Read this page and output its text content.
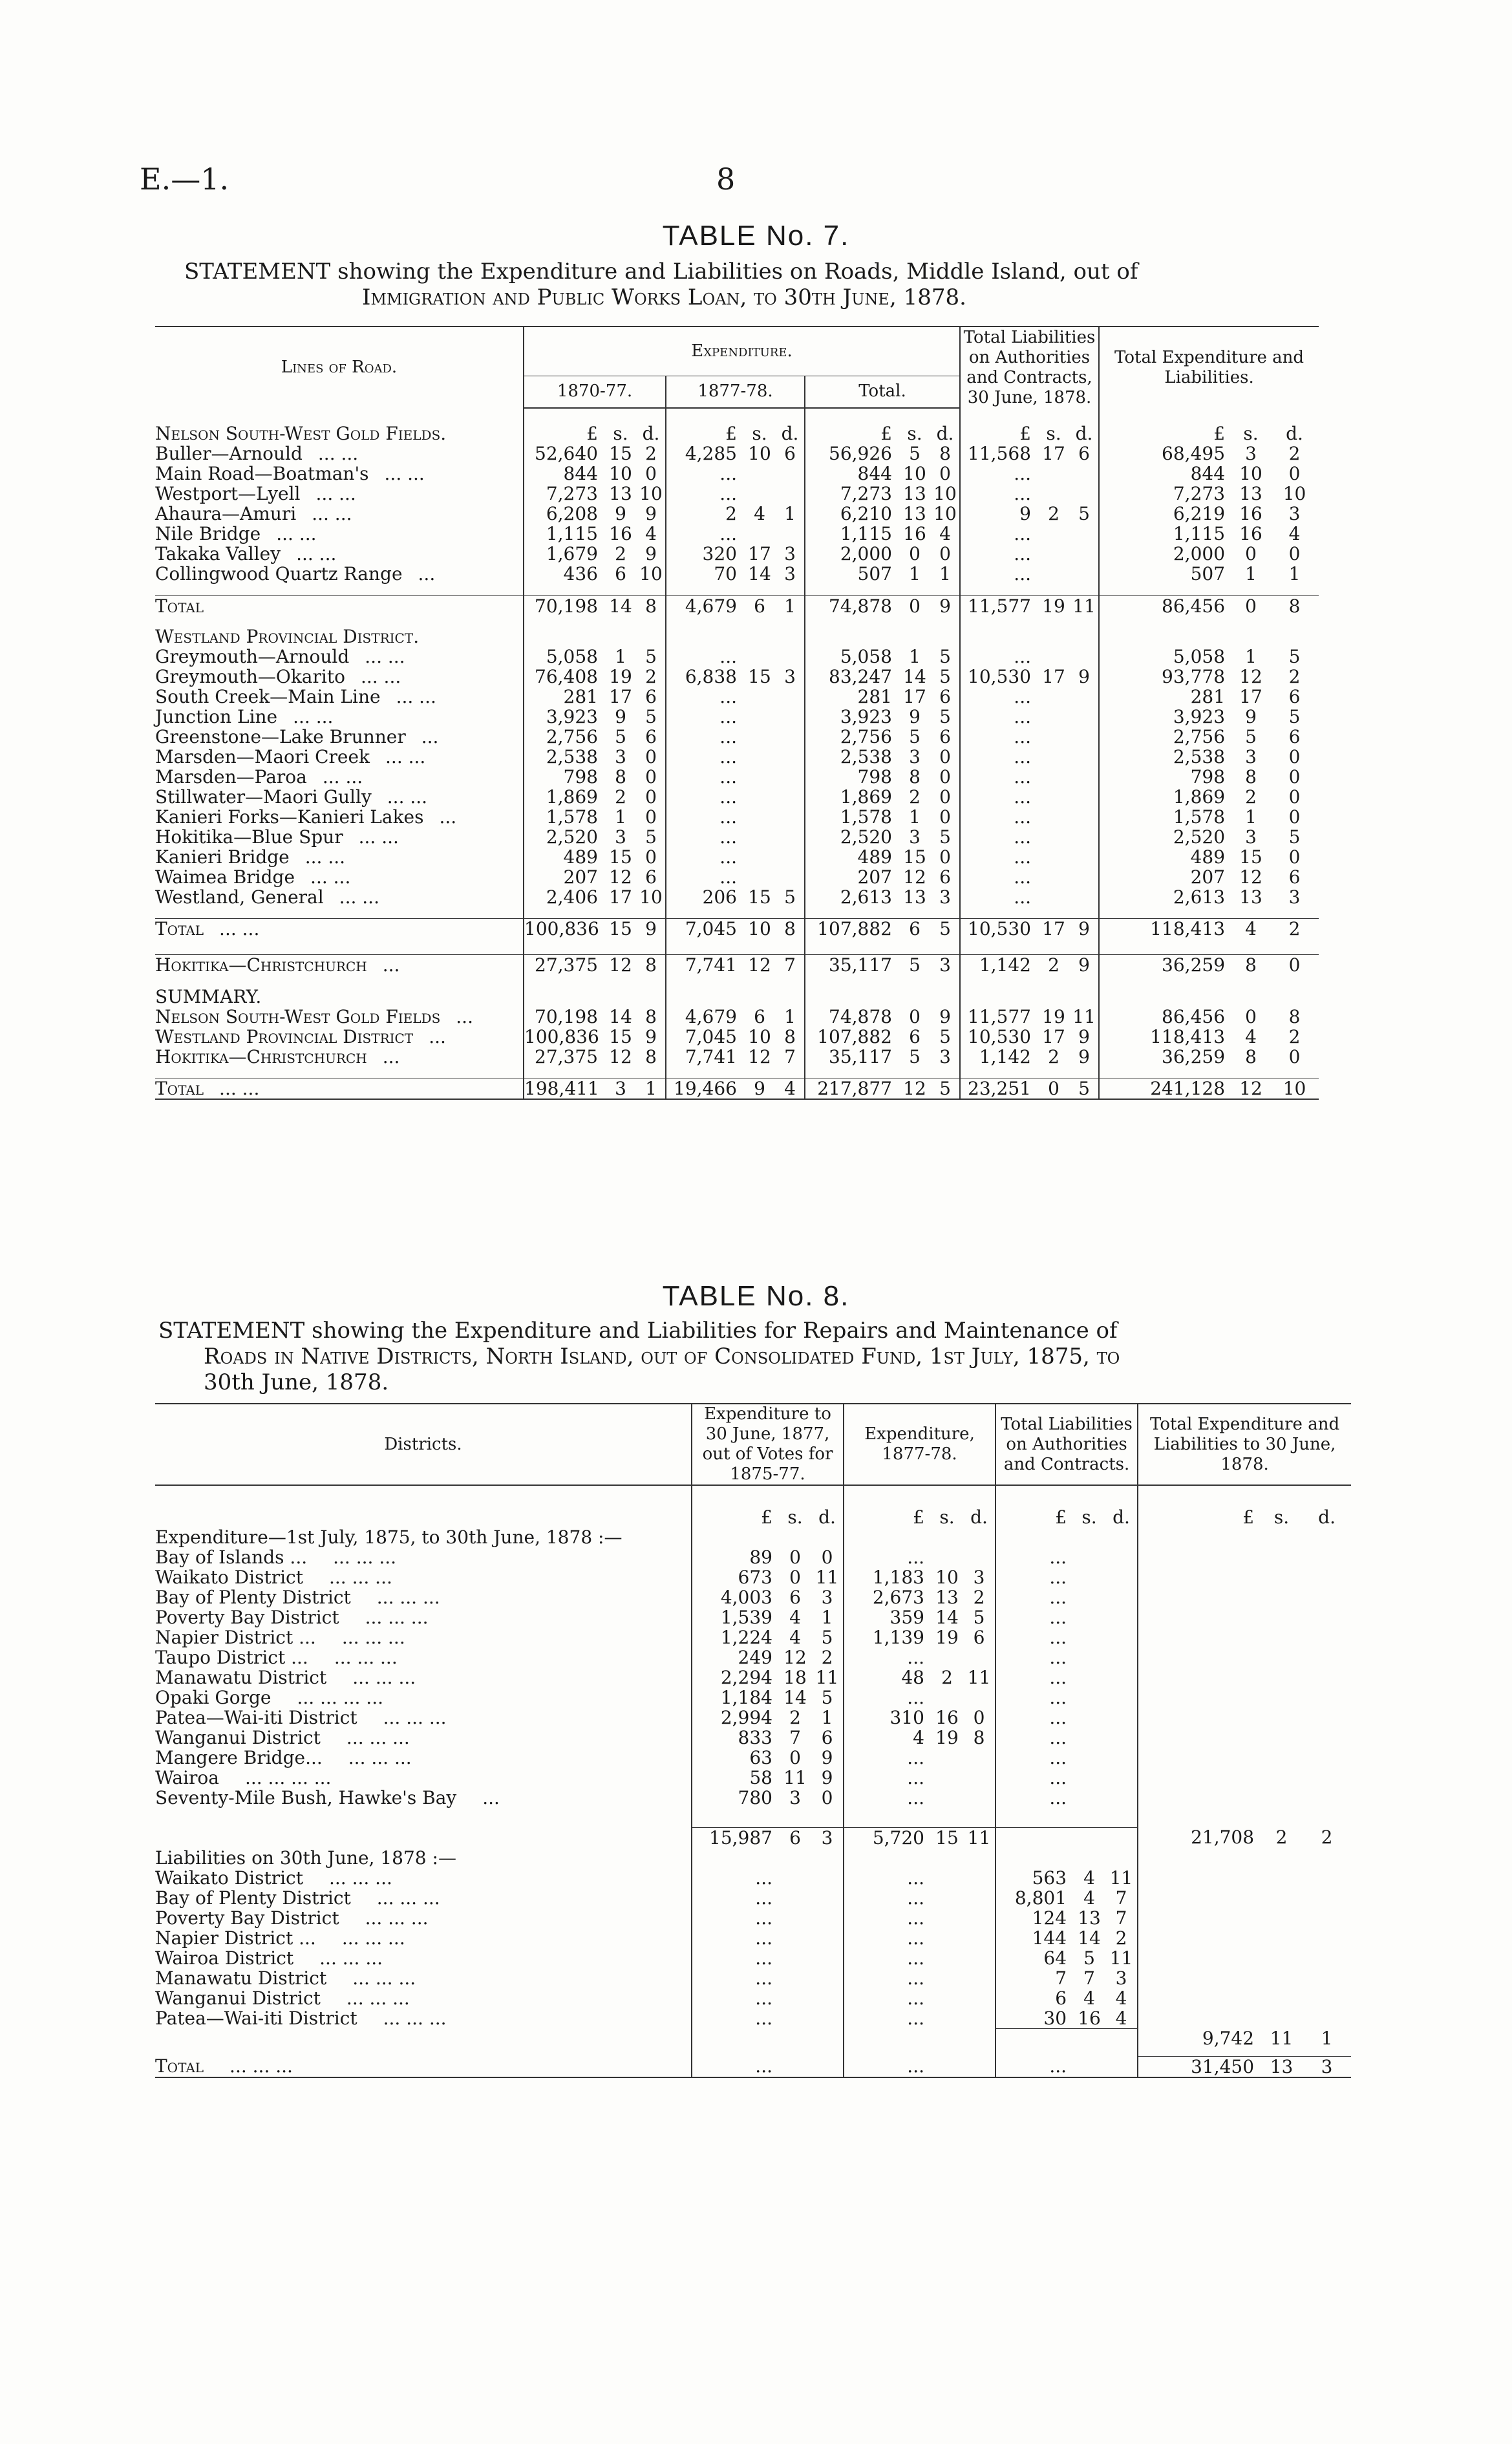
E.—1.	8
TABLE No. 7.
STATEMENT showing the Expenditure and Liabilities on Roads, Middle Island, out of
Immigration and Public Works Loan, to 30th June, 1878.
Lines of Road.	Expenditure.									Total Liabilities on Authorities and Contracts, 30 June, 1878.			Total Expenditure and Liabilities.		
	1870-77.			1877-78.			Total.								

Nelson South-West Gold Fields.	£	s.	d.	£	s.	d.	£	s.	d.	£	s.	d.	£	s.	d.
Buller—Arnould ... ...	52,640	15	2	4,285	10	6	56,926	5	8	11,568	17	6	68,495	3	2
Main Road—Boatman's ... ...	844	10	0	...			844	10	0	...			844	10	0
Westport—Lyell ... ...	7,273	13	10	...			7,273	13	10	...			7,273	13	10
Ahaura—Amuri ... ...	6,208	9	9	2	4	1	6,210	13	10	9	2	5	6,219	16	3
Nile Bridge ... ...	1,115	16	4	...			1,115	16	4	...			1,115	16	4
Takaka Valley ... ...	1,679	2	9	320	17	3	2,000	0	0	...			2,000	0	0
Collingwood Quartz Range ...	436	6	10	70	14	3	507	1	1	...			507	1	1

Total	70,198	14	8	4,679	6	1	74,878	0	9	11,577	19	11	86,456	0	8

Westland Provincial District.															
Greymouth—Arnould ... ...	5,058	1	5	...			5,058	1	5	...			5,058	1	5
Greymouth—Okarito ... ...	76,408	19	2	6,838	15	3	83,247	14	5	10,530	17	9	93,778	12	2
South Creek—Main Line ... ...	281	17	6	...			281	17	6	...			281	17	6
Junction Line ... ...	3,923	9	5	...			3,923	9	5	...			3,923	9	5
Greenstone—Lake Brunner ...	2,756	5	6	...			2,756	5	6	...			2,756	5	6
Marsden—Maori Creek ... ...	2,538	3	0	...			2,538	3	0	...			2,538	3	0
Marsden—Paroa ... ...	798	8	0	...			798	8	0	...			798	8	0
Stillwater—Maori Gully ... ...	1,869	2	0	...			1,869	2	0	...			1,869	2	0
Kanieri Forks—Kanieri Lakes ...	1,578	1	0	...			1,578	1	0	...			1,578	1	0
Hokitika—Blue Spur ... ...	2,520	3	5	...			2,520	3	5	...			2,520	3	5
Kanieri Bridge ... ...	489	15	0	...			489	15	0	...			489	15	0
Waimea Bridge ... ...	207	12	6	...			207	12	6	...			207	12	6
Westland, General ... ...	2,406	17	10	206	15	5	2,613	13	3	...			2,613	13	3

Total ... ...	100,836	15	9	7,045	10	8	107,882	6	5	10,530	17	9	118,413	4	2

Hokitika—Christchurch ...	27,375	12	8	7,741	12	7	35,117	5	3	1,142	2	9	36,259	8	0

SUMMARY.															
Nelson South-West Gold Fields ...	70,198	14	8	4,679	6	1	74,878	0	9	11,577	19	11	86,456	0	8
Westland Provincial District ...	100,836	15	9	7,045	10	8	107,882	6	5	10,530	17	9	118,413	4	2
Hokitika—Christchurch ...	27,375	12	8	7,741	12	7	35,117	5	3	1,142	2	9	36,259	8	0

Total ... ...	198,411	3	1	19,466	9	4	217,877	12	5	23,251	0	5	241,128	12	10
TABLE No. 8.
STATEMENT showing the Expenditure and Liabilities for Repairs and Maintenance of
Roads in Native Districts, North Island, out of Consolidated Fund, 1st July, 1875, to
30th June, 1878.
Districts.	Expenditure to 30 June, 1877, out of Votes for 1875-77.			Expenditure, 1877-78.			Total Liabilities on Authorities and Contracts.			Total Expenditure and Liabilities to 30 June, 1878.		

	£	s.	d.	£	s.	d.	£	s.	d.	£	s.	d.
Expenditure—1st July, 1875, to 30th June, 1878 :—												
Bay of Islands ... ... ... ...	89	0	0	...			...					
Waikato District ... ... ...	673	0	11	1,183	10	3	...					
Bay of Plenty District ... ... ...	4,003	6	3	2,673	13	2	...					
Poverty Bay District ... ... ...	1,539	4	1	359	14	5	...					
Napier District ... ... ... ...	1,224	4	5	1,139	19	6	...					
Taupo District ... ... ... ...	249	12	2	...			...					
Manawatu District ... ... ...	2,294	18	11	48	2	11	...					
Opaki Gorge ... ... ... ...	1,184	14	5	...			...					
Patea—Wai-iti District ... ... ...	2,994	2	1	310	16	0	...					
Wanganui District ... ... ...	833	7	6	4	19	8	...					
Mangere Bridge... ... ... ...	63	0	9	...			...					
Wairoa ... ... ... ...	58	11	9	...			...					
Seventy-Mile Bush, Hawke's Bay ...	780	3	0	...			...					

	15,987	6	3	5,720	15	11				21,708	2	2
Liabilities on 30th June, 1878 :—												
Waikato District ... ... ...	...			...			563	4	11			
Bay of Plenty District ... ... ...	...			...			8,801	4	7			
Poverty Bay District ... ... ...	...			...			124	13	7			
Napier District ... ... ... ...	...			...			144	14	2			
Wairoa District ... ... ...	...			...			64	5	11			
Manawatu District ... ... ...	...			...			7	7	3			
Wanganui District ... ... ...	...			...			6	4	4			
Patea—Wai-iti District ... ... ...	...			...			30	16	4			
										9,742	11	1

Total ... ... ...	...			...			...			31,450	13	3
